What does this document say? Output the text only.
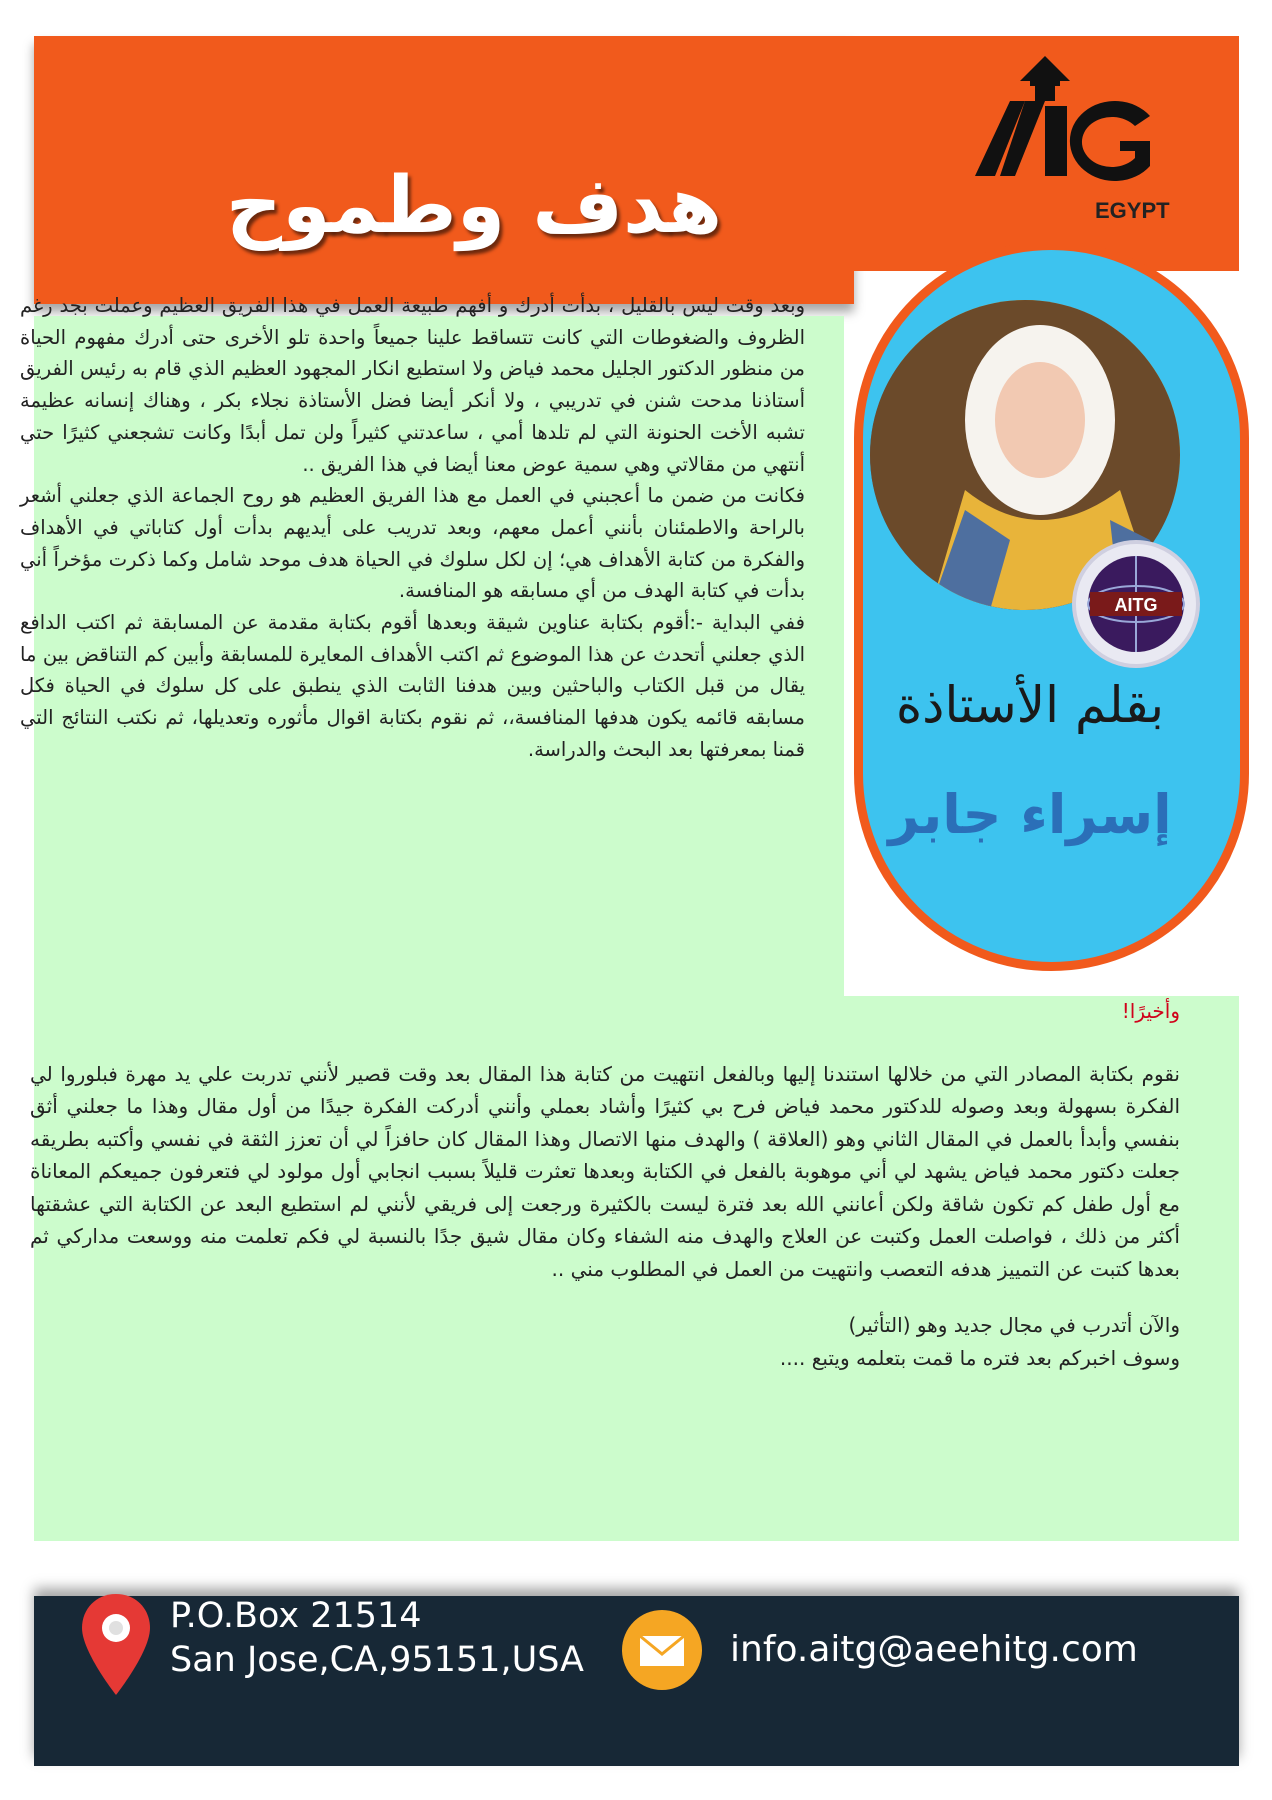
هدف وطموح	EGYPT
AITG
بقلم الأستاذة
إسراء جابر

وبعد وقت ليس بالقليل ، بدأت أدرك و أفهم طبيعة العمل في هذا الفريق العظيم وعملت بجد رغم الظروف والضغوطات التي كانت تتساقط علينا جميعاً واحدة تلو الأخرى حتى أدرك مفهوم الحياة من منظور الدكتور الجليل محمد فياض ولا استطيع انكار المجهود العظيم الذي قام به رئيس الفريق أستاذنا مدحت شنن في تدريبي ، ولا أنكر أيضا فضل الأستاذة نجلاء بكر ، وهناك إنسانه عظيمة تشبه الأخت الحنونة التي لم تلدها أمي ، ساعدتني كثيراً ولن تمل أبدًا وكانت تشجعني كثيرًا حتي أنتهي من مقالاتي وهي سمية عوض معنا أيضا في هذا الفريق ..

فكانت من ضمن ما أعجبني في العمل مع هذا الفريق العظيم هو روح الجماعة الذي جعلني أشعر بالراحة والاطمئنان بأنني أعمل معهم، وبعد تدريب على أيديهم بدأت أول كتاباتي في الأهداف والفكرة من كتابة الأهداف هي؛ إن لكل سلوك في الحياة هدف موحد شامل وكما ذكرت مؤخراً أني بدأت في كتابة الهدف من أي مسابقه هو المنافسة.

ففي البداية -:أقوم بكتابة عناوين شيقة وبعدها أقوم بكتابة مقدمة عن المسابقة ثم اكتب الدافع الذي جعلني أتحدث عن هذا الموضوع ثم اكتب الأهداف المعايرة للمسابقة وأبين كم التناقض بين ما يقال من قبل الكتاب والباحثين وبين هدفنا الثابت الذي ينطبق على كل سلوك في الحياة فكل مسابقه قائمه يكون هدفها المنافسة،، ثم نقوم بكتابة اقوال مأثوره وتعديلها، ثم نكتب النتائج التي قمنا بمعرفتها بعد البحث والدراسة.

وأخيرًا!

نقوم بكتابة المصادر التي من خلالها استندنا إليها وبالفعل انتهيت من كتابة هذا المقال بعد وقت قصير لأنني تدربت علي يد مهرة فبلوروا لي الفكرة بسهولة وبعد وصوله للدكتور محمد فياض فرح بي كثيرًا وأشاد بعملي وأنني أدركت الفكرة جيدًا من أول مقال وهذا ما جعلني أثق بنفسي وأبدأ بالعمل في المقال الثاني وهو (العلاقة ) والهدف منها الاتصال وهذا المقال كان حافزاً لي أن تعزز الثقة في نفسي وأكتبه بطريقه جعلت دكتور محمد فياض يشهد لي أني موهوبة بالفعل في الكتابة وبعدها تعثرت قليلاً بسبب انجابي أول مولود لي فتعرفون جميعكم المعاناة مع أول طفل كم تكون شاقة ولكن أعانني الله بعد فترة ليست بالكثيرة ورجعت إلى فريقي لأنني لم استطيع البعد عن الكتابة التي عشقتها أكثر من ذلك ، فواصلت العمل وكتبت عن العلاج والهدف منه الشفاء وكان مقال شيق جدًا بالنسبة لي فكم تعلمت منه ووسعت مداركي ثم بعدها كتبت عن التمييز هدفه التعصب وانتهيت من العمل في المطلوب مني ..

والآن أتدرب في مجال جديد وهو (التأثير)

وسوف اخبركم بعد فتره ما قمت بتعلمه ويتبع ....

P.O.Box 21514
San Jose,CA,95151,USA	info.aitg@aeehitg.com
